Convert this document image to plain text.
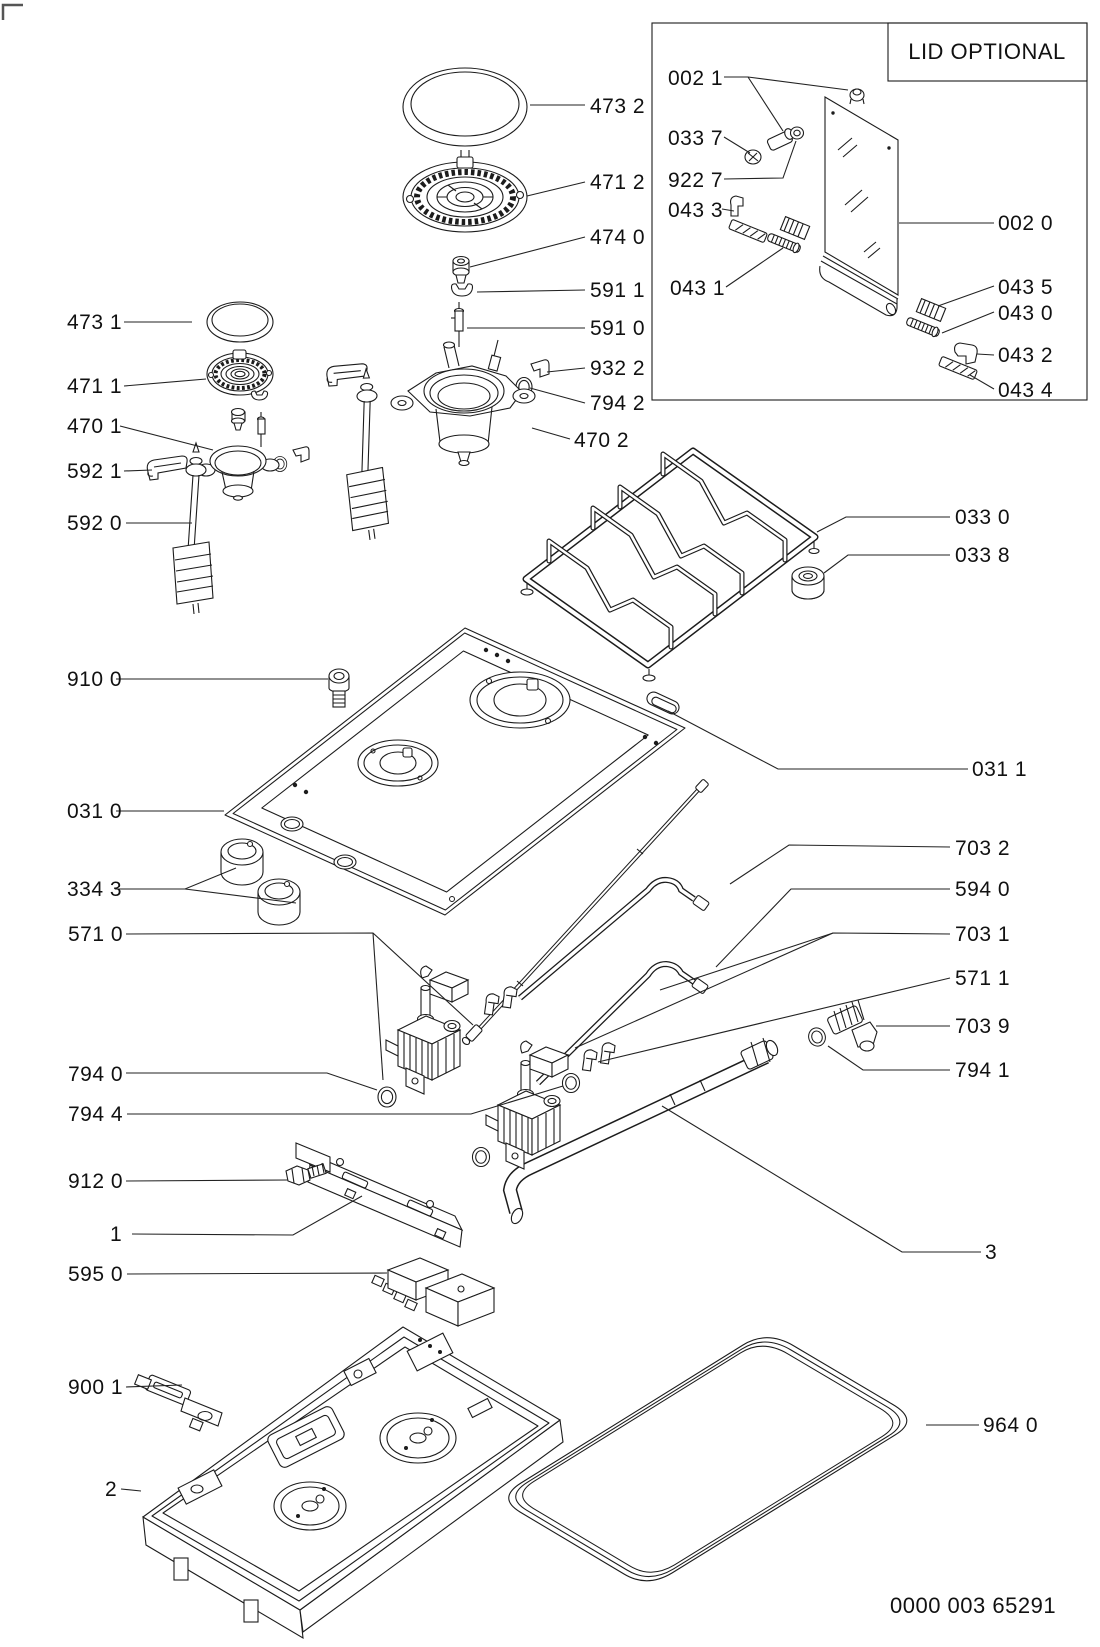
LID OPTIONAL
473 1
471 1
470 1
592 1
592 0
910 0
031 0
334 3
571 0
794 0
794 4
912 0
1
595 0
900 1
2
473 2
471 2
474 0
591 1
591 0
932 2
794 2
470 2
002 1
033 7
922 7
043 3
043 1
002 0
043 5
043 0
043 2
043 4
033 0
033 8
031 1
703 2
594 0
703 1
571 1
703 9
794 1
3
964 0
0000 003 65291
